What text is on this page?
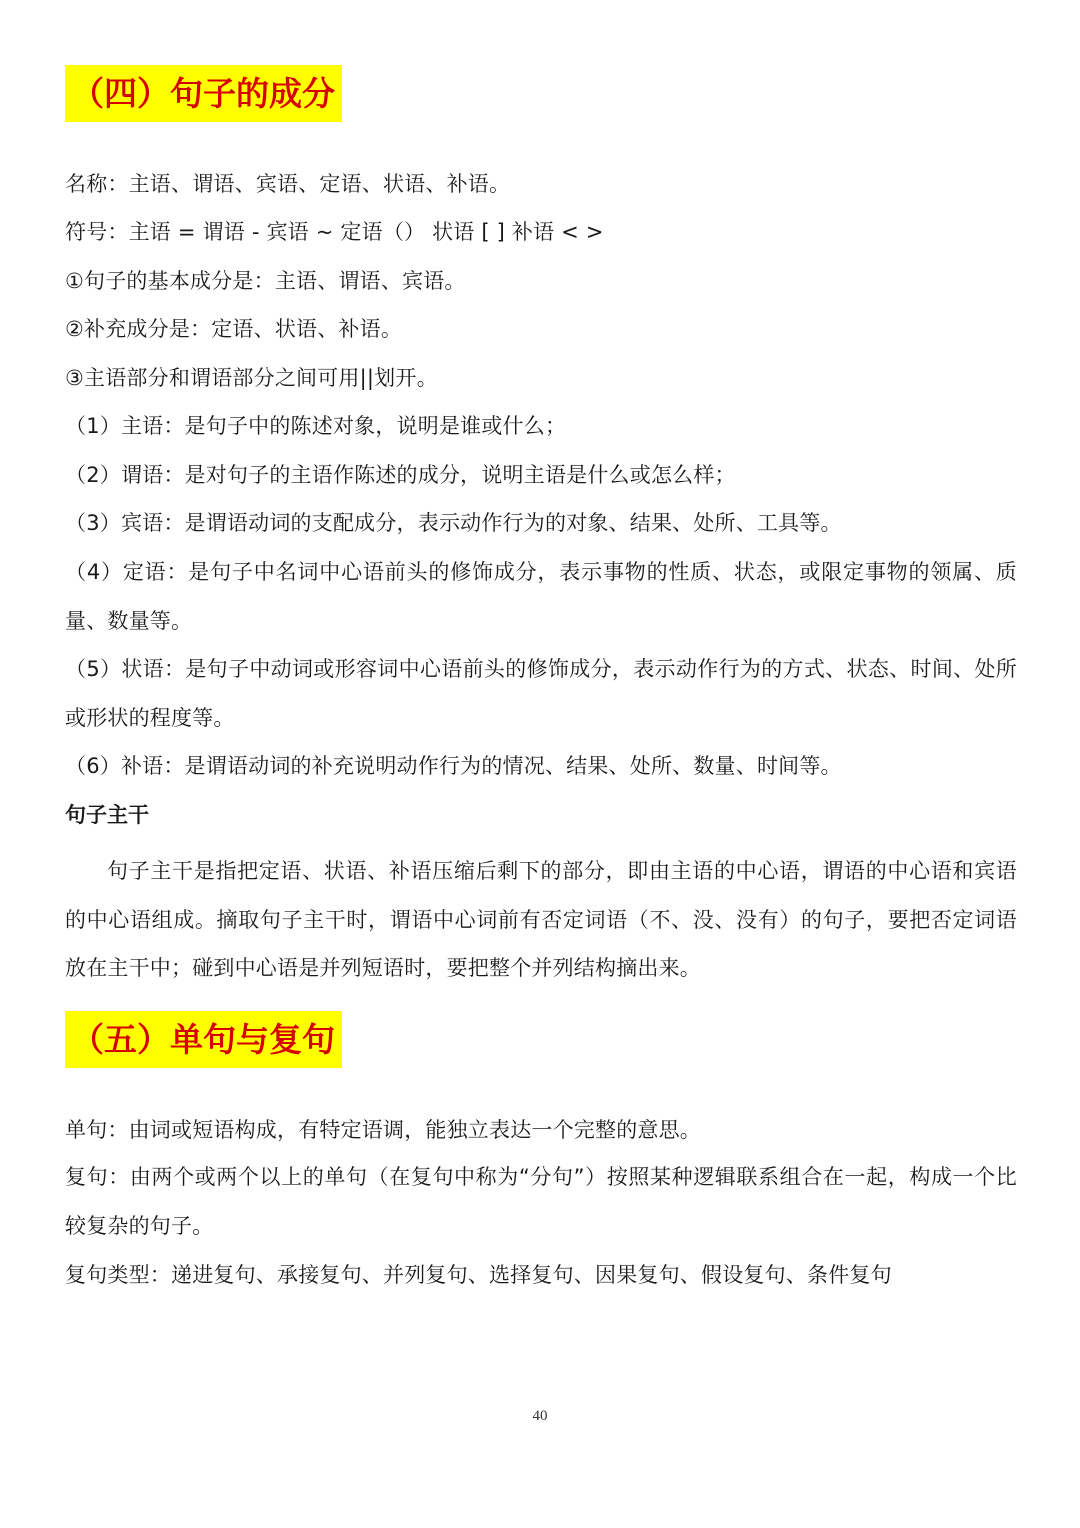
（四）句子的成分
名称：主语、谓语、宾语、定语、状语、补语。
符号：主语 = 谓语 - 宾语 ~ 定语（） 状语 [ ] 补语 < >
①句子的基本成分是：主语、谓语、宾语。
②补充成分是：定语、状语、补语。
③主语部分和谓语部分之间可用||划开。
（1）主语：是句子中的陈述对象，说明是谁或什么；
（2）谓语：是对句子的主语作陈述的成分，说明主语是什么或怎么样；
（3）宾语：是谓语动词的支配成分，表示动作行为的对象、结果、处所、工具等。
（4）定语：是句子中名词中心语前头的修饰成分，表示事物的性质、状态，或限定事物的领属、质量、数量等。
（5）状语：是句子中动词或形容词中心语前头的修饰成分，表示动作行为的方式、状态、时间、处所或形状的程度等。
（6）补语：是谓语动词的补充说明动作行为的情况、结果、处所、数量、时间等。
句子主干
句子主干是指把定语、状语、补语压缩后剩下的部分，即由主语的中心语，谓语的中心语和宾语的中心语组成。摘取句子主干时，谓语中心词前有否定词语（不、没、没有）的句子，要把否定词语放在主干中；碰到中心语是并列短语时，要把整个并列结构摘出来。
（五）单句与复句
单句：由词或短语构成，有特定语调，能独立表达一个完整的意思。
复句：由两个或两个以上的单句（在复句中称为“分句”）按照某种逻辑联系组合在一起，构成一个比较复杂的句子。
复句类型：递进复句、承接复句、并列复句、选择复句、因果复句、假设复句、条件复句
40
